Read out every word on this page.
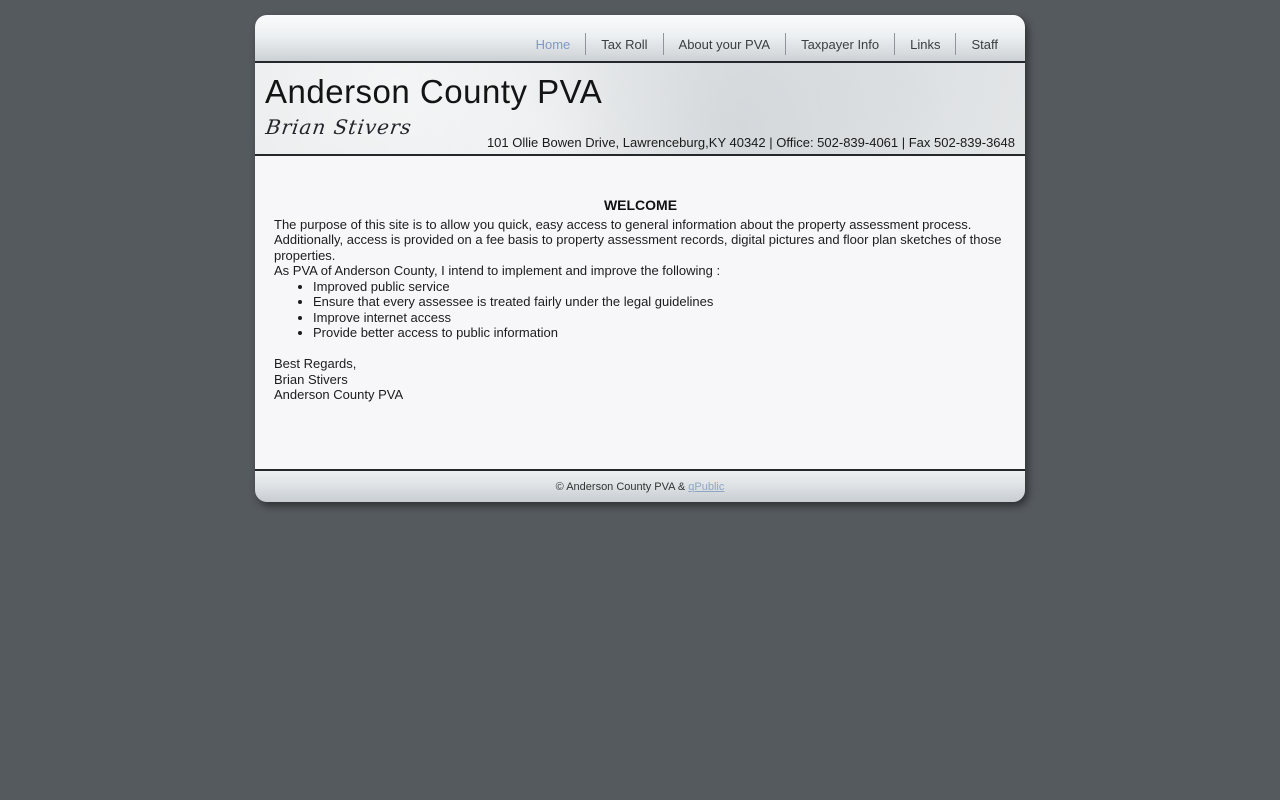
Home	Tax Roll	About your PVA	Taxpayer Info	Links	Staff
Anderson County PVA
Brian Stivers
101 Ollie Bowen Drive, Lawrenceburg,KY 40342 | Office: 502-839-4061 | Fax 502-839-3648
WELCOME

The purpose of this site is to allow you quick, easy access to general information about the property assessment process. Additionally, access is provided on a fee basis to property assessment records, digital pictures and floor plan sketches of those properties.

As PVA of Anderson County, I intend to implement and improve the following :
• Improved public service
• Ensure that every assessee is treated fairly under the legal guidelines
• Improve internet access
• Provide better access to public information
Best Regards,
Brian Stivers
Anderson County PVA
© Anderson County PVA & qPublic
